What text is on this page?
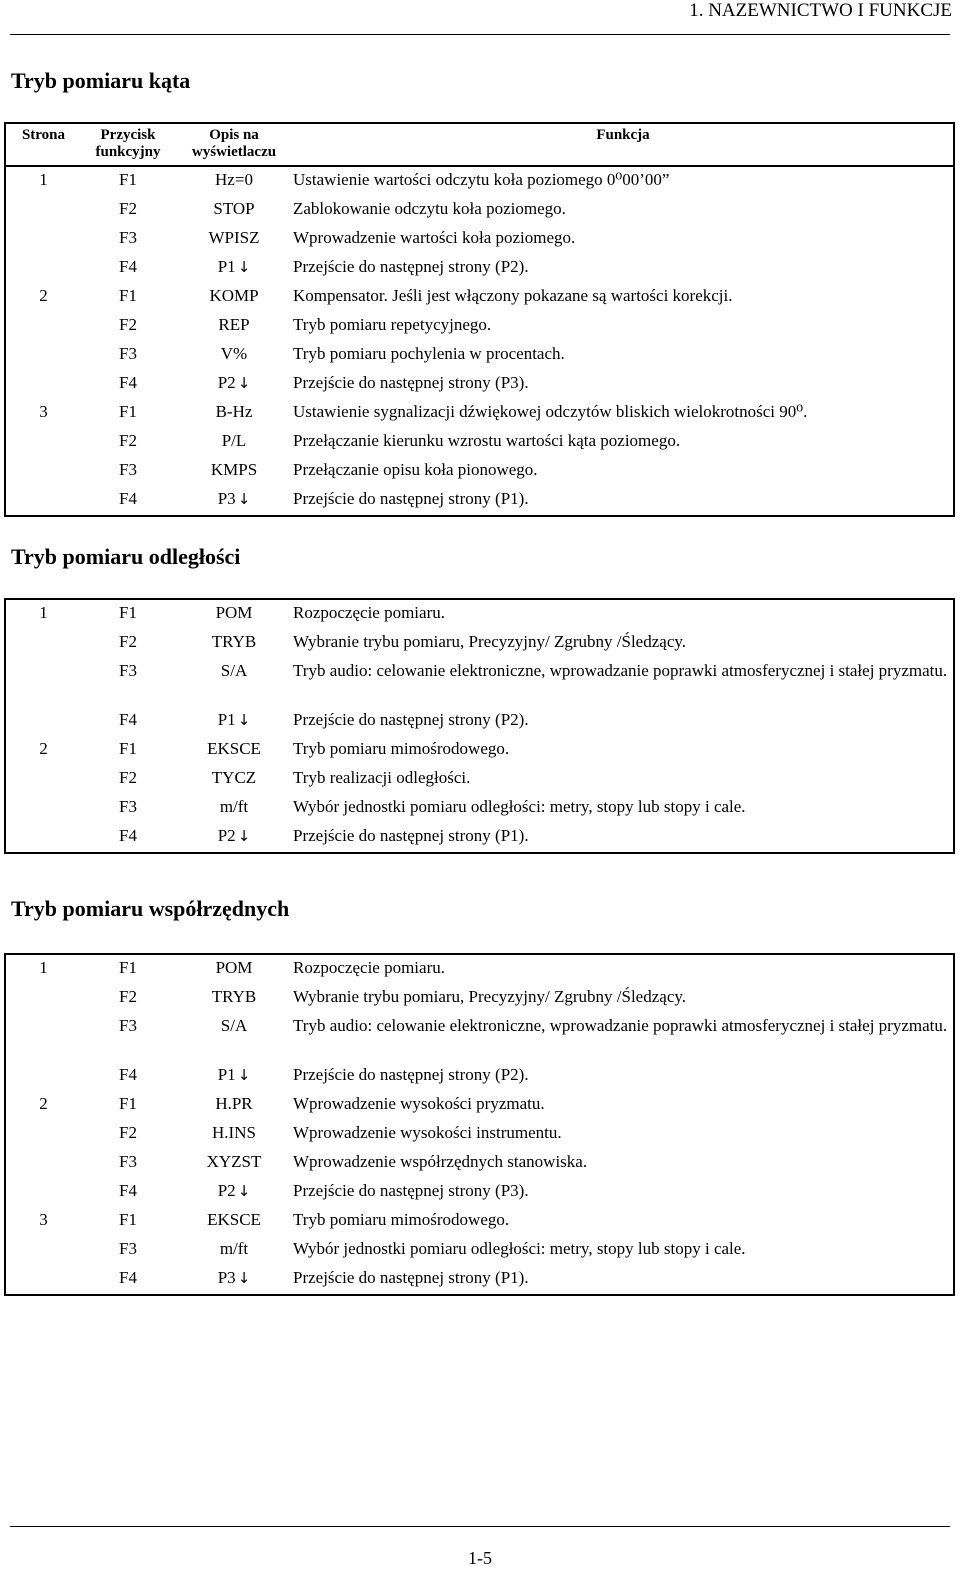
1. NAZEWNICTWO I FUNKCJE
Tryb pomiaru kąta
Strona	Przycisk funkcyjny	Opis na wyświetlaczu	Funkcja
1	F1	Hz=0	Ustawienie wartości odczytu koła poziomego 0⁰00’00”
	F2	STOP	Zablokowanie odczytu koła poziomego.
	F3	WPISZ	Wprowadzenie wartości koła poziomego.
	F4	P1 ↓	Przejście do następnej strony (P2).
2	F1	KOMP	Kompensator. Jeśli jest włączony pokazane są wartości korekcji.
	F2	REP	Tryb pomiaru repetycyjnego.
	F3	V%	Tryb pomiaru pochylenia w procentach.
	F4	P2 ↓	Przejście do następnej strony (P3).
3	F1	B-Hz	Ustawienie sygnalizacji dźwiękowej odczytów bliskich wielokrotności 90⁰.
	F2	P/L	Przełączanie kierunku wzrostu wartości kąta poziomego.
	F3	KMPS	Przełączanie opisu koła pionowego.
	F4	P3 ↓	Przejście do następnej strony (P1).
Tryb pomiaru odległości
1	F1	POM	Rozpoczęcie pomiaru.
	F2	TRYB	Wybranie trybu pomiaru, Precyzyjny/ Zgrubny /Śledzący.
	F3	S/A	Tryb audio: celowanie elektroniczne, wprowadzanie poprawki atmosferycznej i stałej pryzmatu.
	F4	P1 ↓	Przejście do następnej strony (P2).
2	F1	EKSCE	Tryb pomiaru mimośrodowego.
	F2	TYCZ	Tryb realizacji odległości.
	F3	m/ft	Wybór jednostki pomiaru odległości: metry, stopy lub stopy i cale.
	F4	P2 ↓	Przejście do następnej strony (P1).
Tryb pomiaru współrzędnych
1	F1	POM	Rozpoczęcie pomiaru.
	F2	TRYB	Wybranie trybu pomiaru, Precyzyjny/ Zgrubny /Śledzący.
	F3	S/A	Tryb audio: celowanie elektroniczne, wprowadzanie poprawki atmosferycznej i stałej pryzmatu.
	F4	P1 ↓	Przejście do następnej strony (P2).
2	F1	H.PR	Wprowadzenie wysokości pryzmatu.
	F2	H.INS	Wprowadzenie wysokości instrumentu.
	F3	XYZST	Wprowadzenie współrzędnych stanowiska.
	F4	P2 ↓	Przejście do następnej strony (P3).
3	F1	EKSCE	Tryb pomiaru mimośrodowego.
	F3	m/ft	Wybór jednostki pomiaru odległości: metry, stopy lub stopy i cale.
	F4	P3 ↓	Przejście do następnej strony (P1).
1-5
